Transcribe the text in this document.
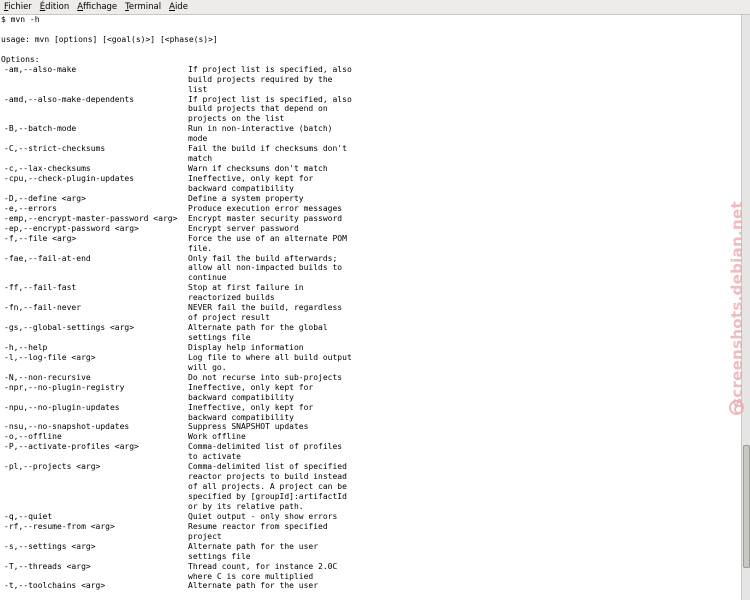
Fichier Édition Affichage Terminal Aide
$ mvn -h
usage: mvn [options] [<goal(s)>] [<phase(s)>]
Options:
-am,--also-make	If project list is specified, also
build projects required by the
list
-amd,--also-make-dependents	If project list is specified, also
build projects that depend on
projects on the list
-B,--batch-mode	Run in non-interactive (batch)
mode
-C,--strict-checksums	Fail the build if checksums don't
match
-c,--lax-checksums	Warn if checksums don't match
-cpu,--check-plugin-updates	Ineffective, only kept for
backward compatibility
-D,--define <arg>	Define a system property
-e,--errors	Produce execution error messages
-emp,--encrypt-master-password <arg> Encrypt master security password
-ep,--encrypt-password <arg>	Encrypt server password
-f,--file <arg>	Force the use of an alternate POM
file.
-fae,--fail-at-end	Only fail the build afterwards;
allow all non-impacted builds to
continue
-ff,--fail-fast	Stop at first failure in
reactorized builds
-fn,--fail-never	NEVER fail the build, regardless
of project result
-gs,--global-settings <arg>	Alternate path for the global
settings file
-h,--help	Display help information
-l,--log-file <arg>	Log file to where all build output
will go.
-N,--non-recursive	Do not recurse into sub-projects
-npr,--no-plugin-registry	Ineffective, only kept for
backward compatibility
-npu,--no-plugin-updates	Ineffective, only kept for
backward compatibility
-nsu,--no-snapshot-updates	Suppress SNAPSHOT updates
-o,--offline	Work offline
-P,--activate-profiles <arg>	Comma-delimited list of profiles
to activate
-pl,--projects <arg>	Comma-delimited list of specified
reactor projects to build instead
of all projects. A project can be
specified by [groupId]:artifactId
or by its relative path.
-q,--quiet	Quiet output - only show errors
-rf,--resume-from <arg>	Resume reactor from specified
project
-s,--settings <arg>	Alternate path for the user
settings file
-T,--threads <arg>	Thread count, for instance 2.0C
where C is core multiplied
-t,--toolchains <arg>	Alternate path for the user
screenshots.debian.net
